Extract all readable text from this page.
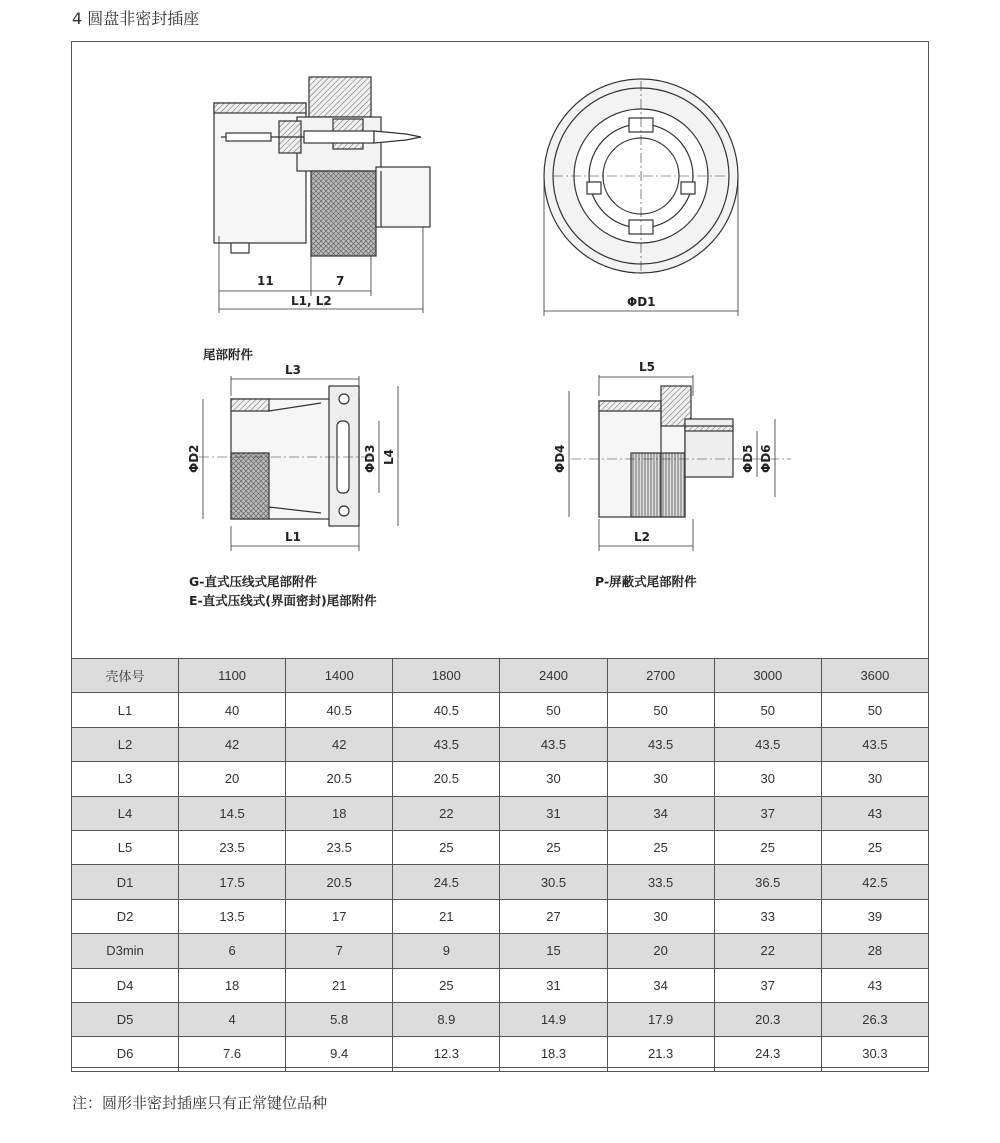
4 圆盘非密封插座
11	7
L1, L2	ΦD1
尾部附件
L3
ΦD2	ΦD3 L4
L1
L5
ΦD4	ΦD5 ΦD6
L2
G-直式压线式尾部附件
E-直式压线式(界面密封)尾部附件
P-屏蔽式尾部附件
壳体号	1100	1400	1800	2400	2700	3000	3600
L1	40	40.5	40.5	50	50	50	50
L2	42	42	43.5	43.5	43.5	43.5	43.5
L3	20	20.5	20.5	30	30	30	30
L4	14.5	18	22	31	34	37	43
L5	23.5	23.5	25	25	25	25	25
D1	17.5	20.5	24.5	30.5	33.5	36.5	42.5
D2	13.5	17	21	27	30	33	39
D3min	6	7	9	15	20	22	28
D4	18	21	25	31	34	37	43
D5	4	5.8	8.9	14.9	17.9	20.3	26.3
D6	7.6	9.4	12.3	18.3	21.3	24.3	30.3
注：圆形非密封插座只有正常键位品种
